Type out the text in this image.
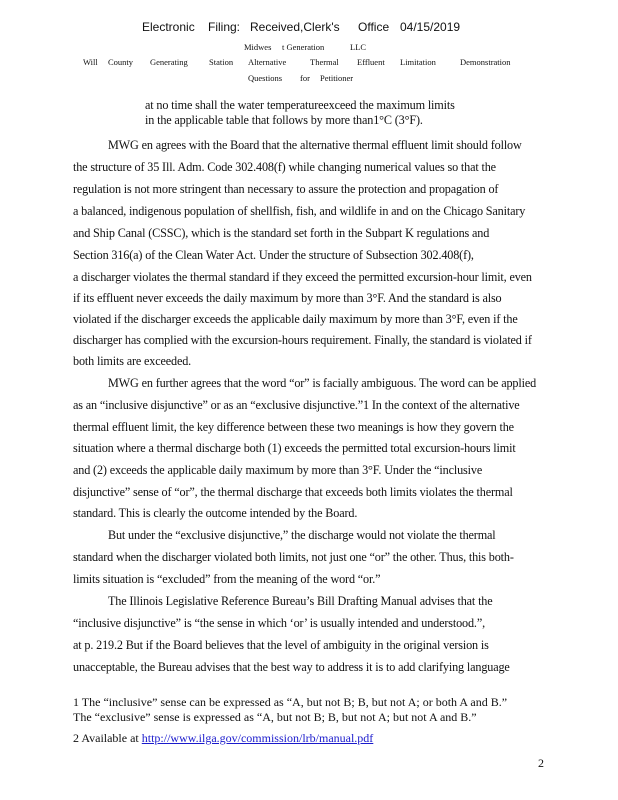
Electronic Filing: Received,Clerk's Office 04/15/2019
Midwes t Generation	LLC
Will County Generating Station Alternative	Thermal Effluent Limitation	Demonstration
Questions for Petitioner
at no time shall the water temperatureexceed the maximum limits
in the applicable table that follows by more than1°C (3°F).
MWG en agrees with the Board that the alternative thermal effluent limit should follow
the structure of 35 Ill. Adm. Code 302.408(f) while changing numerical values so that the
regulation is not more stringent than necessary to assure the protection and propagation of
a balanced, indigenous population of shellfish, fish, and wildlife in and on the Chicago Sanitary
and Ship Canal (CSSC), which is the standard set forth in the Subpart K regulations and
Section 316(a) of the Clean Water Act. Under the structure of Subsection 302.408(f),
a discharger violates the thermal standard if they exceed the permitted excursion-hour limit, even
if its effluent never exceeds the daily maximum by more than 3°F. And the standard is also
violated if the discharger exceeds the applicable daily maximum by more than 3°F, even if the
discharger has complied with the excursion-hours requirement. Finally, the standard is violated if
both limits are exceeded.
MWG en further agrees that the word “or” is facially ambiguous. The word can be applied
as an “inclusive disjunctive” or as an “exclusive disjunctive.”1 In the context of the alternative
thermal effluent limit, the key difference between these two meanings is how they govern the
situation where a thermal discharge both (1) exceeds the permitted total excursion-hours limit
and (2) exceeds the applicable daily maximum by more than 3°F. Under the “inclusive
disjunctive” sense of “or”, the thermal discharge that exceeds both limits violates the thermal
standard. This is clearly the outcome intended by the Board.
But under the “exclusive disjunctive,” the discharge would not violate the thermal
standard when the discharger violated both limits, not just one “or” the other. Thus, this both-
limits situation is “excluded” from the meaning of the word “or.”
The Illinois Legislative Reference Bureau’s Bill Drafting Manual advises that the
“inclusive disjunctive” is “the sense in which ‘or’ is usually intended and understood.”,
at p. 219.2 But if the Board believes that the level of ambiguity in the original version is
unacceptable, the Bureau advises that the best way to address it is to add clarifying language
1 The “inclusive” sense can be expressed as “A, but not B; B, but not A; or both A and B.”
The “exclusive” sense is expressed as “A, but not B; B, but not A; but not A and B.”
2 Available at http://www.ilga.gov/commission/lrb/manual.pdf
2
